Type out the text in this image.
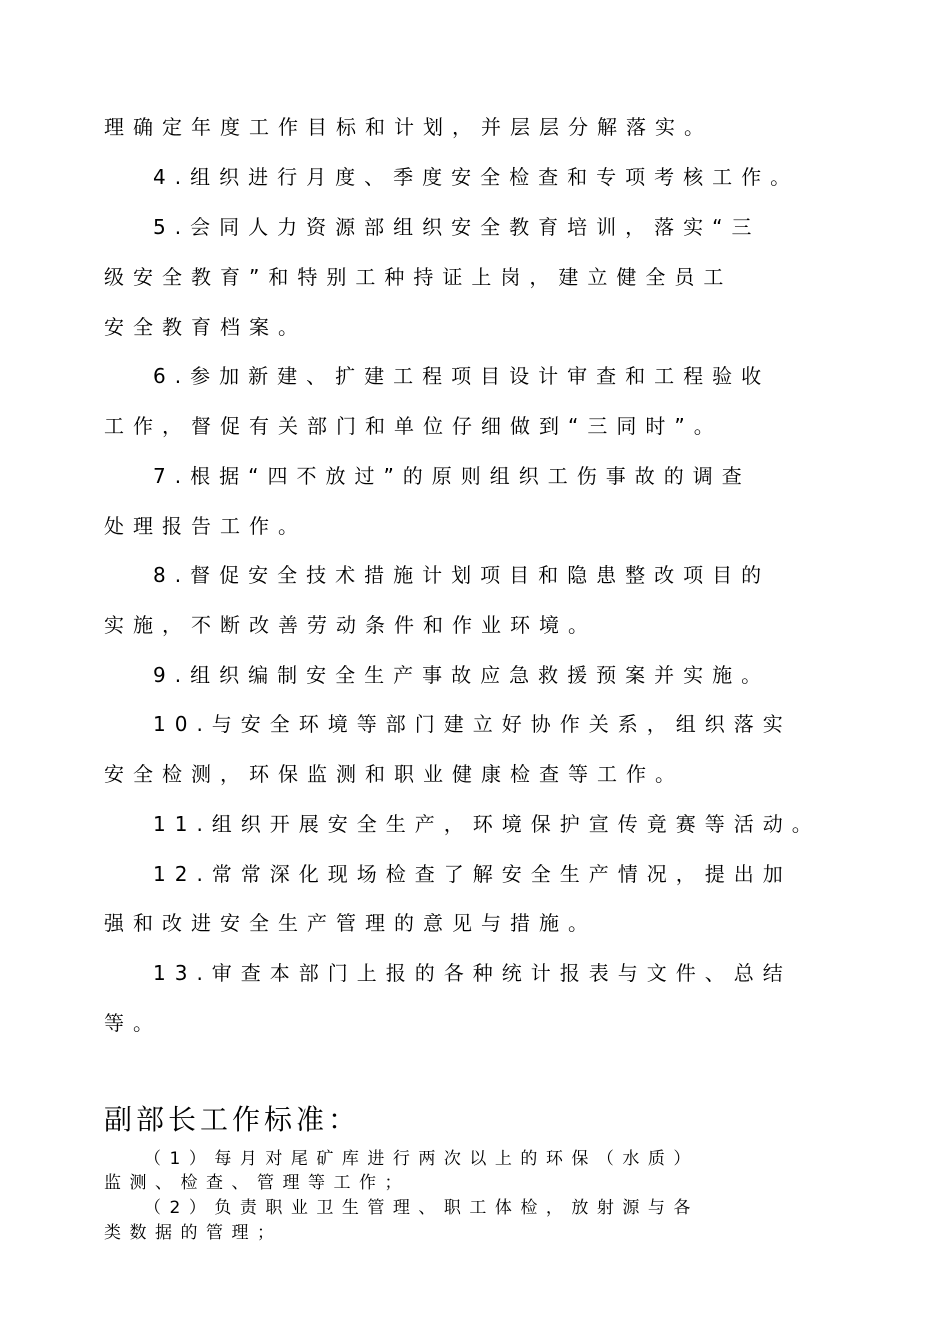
理确定年度工作目标和计划，并层层分解落实。
4.组织进行月度、季度安全检查和专项考核工作。
5.会同人力资源部组织安全教育培训，落实“三
级安全教育”和特别工种持证上岗，建立健全员工
安全教育档案。
6.参加新建、扩建工程项目设计审查和工程验收
工作，督促有关部门和单位仔细做到“三同时”。
7.根据“四不放过”的原则组织工伤事故的调查
处理报告工作。
8.督促安全技术措施计划项目和隐患整改项目的
实施，不断改善劳动条件和作业环境。
9.组织编制安全生产事故应急救援预案并实施。
10.与安全环境等部门建立好协作关系，组织落实
安全检测，环保监测和职业健康检查等工作。
11.组织开展安全生产，环境保护宣传竟赛等活动。
12.常常深化现场检查了解安全生产情况，提出加
强和改进安全生产管理的意见与措施。
13.审查本部门上报的各种统计报表与文件、总结
等。
副部长工作标准：
（1）每月对尾矿库进行两次以上的环保（水质）
监测、检查、管理等工作；
（2）负责职业卫生管理、职工体检，放射源与各
类数据的管理；
